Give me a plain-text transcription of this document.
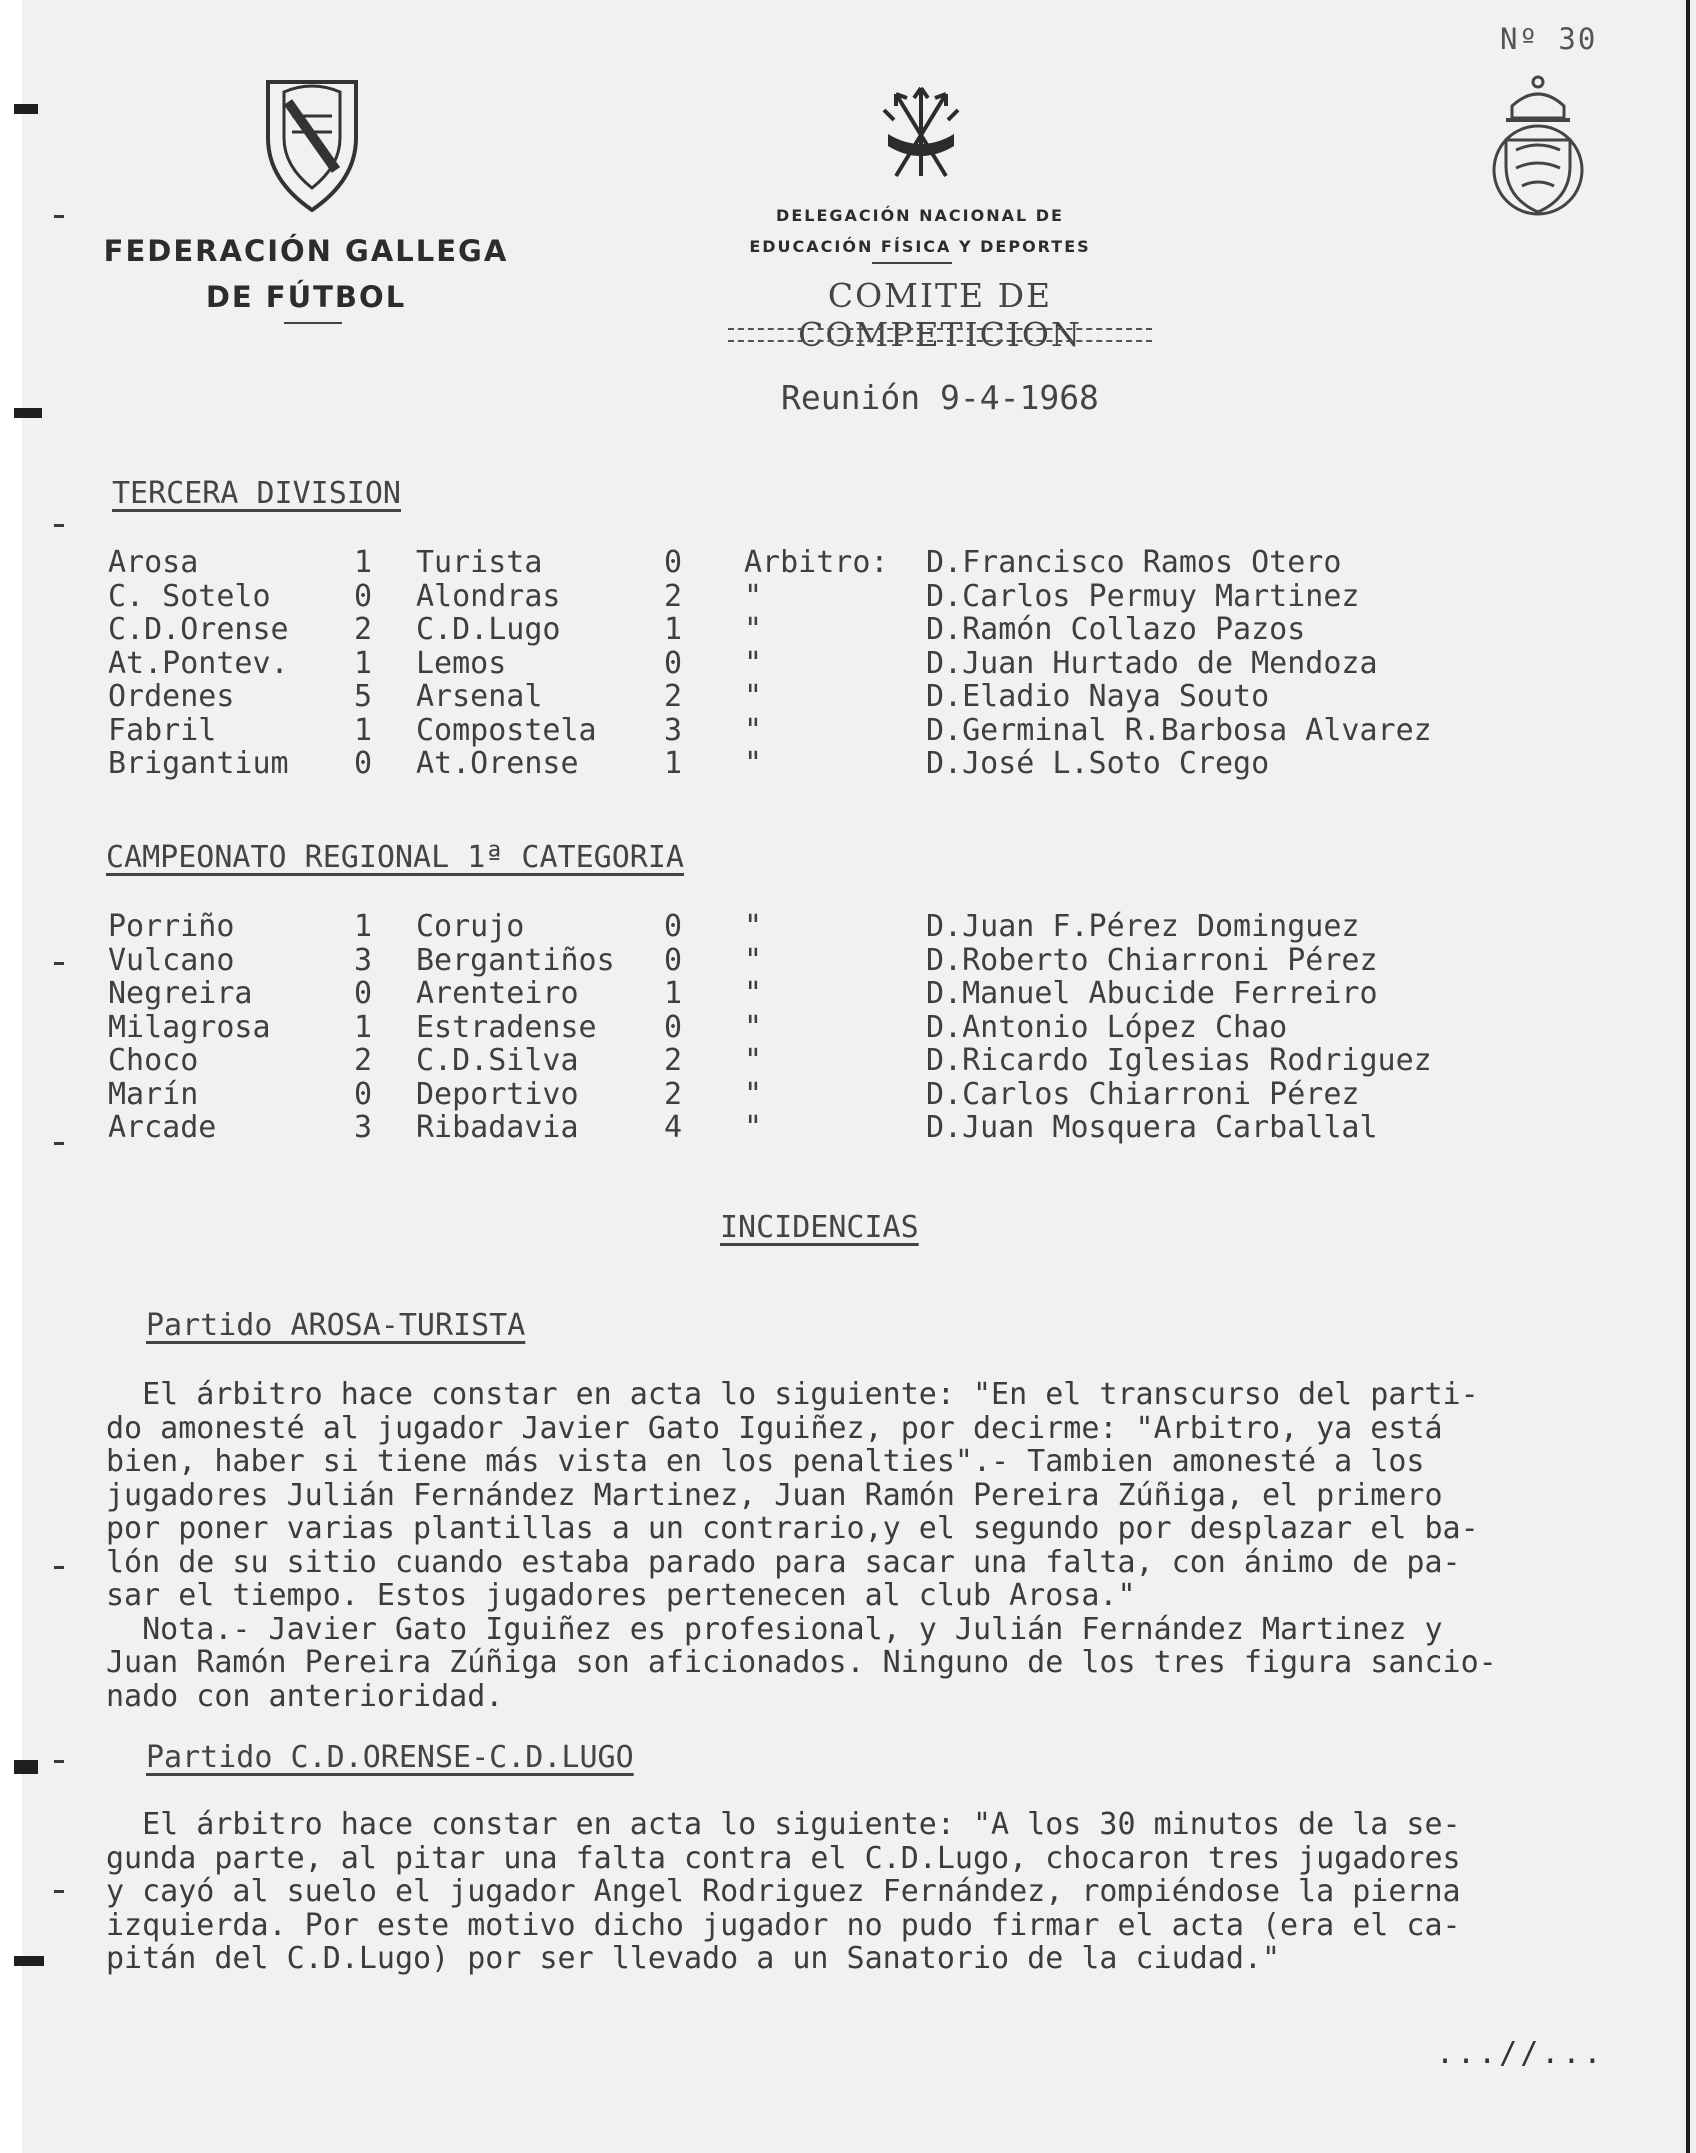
Nº 30
FEDERACIÓN GALLEGA
DE FÚTBOL
DELEGACIÓN NACIONAL DE
EDUCACIÓN FÍSICA Y DEPORTES
COMITE DE COMPETICION
Reunión 9-4-1968
TERCERA DIVISION
Arosa	1 Turista	0 Arbitro: D.Francisco Ramos Otero
C. Sotelo	0 Alondras	2 "	D.Carlos Permuy Martinez
C.D.Orense 2 C.D.Lugo	1 "	D.Ramón Collazo Pazos
At.Pontev. 1 Lemos	0 "	D.Juan Hurtado de Mendoza
Ordenes	5 Arsenal	2 "	D.Eladio Naya Souto
Fabril	1 Compostela 3 "	D.Germinal R.Barbosa Alvarez
Brigantium 0 At.Orense	1 "	D.José L.Soto Crego
CAMPEONATO REGIONAL 1ª CATEGORIA
Porriño	1 Corujo	0 "	D.Juan F.Pérez Dominguez
Vulcano	3 Bergantiños 0 "	D.Roberto Chiarroni Pérez
Negreira	0 Arenteiro	1 "	D.Manuel Abucide Ferreiro
Milagrosa	1 Estradense 0 "	D.Antonio López Chao
Choco	2 C.D.Silva	2 "	D.Ricardo Iglesias Rodriguez
Marín	0 Deportivo	2 "	D.Carlos Chiarroni Pérez
Arcade	3 Ribadavia	4 "	D.Juan Mosquera Carballal
INCIDENCIAS
Partido AROSA-TURISTA

El árbitro hace constar en acta lo siguiente: "En el transcurso del parti-
do amonesté al jugador Javier Gato Iguiñez, por decirme: "Arbitro, ya está
bien, haber si tiene más vista en los penalties".- Tambien amonesté a los
jugadores Julián Fernández Martinez, Juan Ramón Pereira Zúñiga, el primero
por poner varias plantillas a un contrario,y el segundo por desplazar el ba-
lón de su sitio cuando estaba parado para sacar una falta, con ánimo de pa-
sar el tiempo. Estos jugadores pertenecen al club Arosa."
Nota.- Javier Gato Iguiñez es profesional, y Julián Fernández Martinez y
Juan Ramón Pereira Zúñiga son aficionados. Ninguno de los tres figura sancio-
nado con anterioridad.

Partido C.D.ORENSE-C.D.LUGO

El árbitro hace constar en acta lo siguiente: "A los 30 minutos de la se-
gunda parte, al pitar una falta contra el C.D.Lugo, chocaron tres jugadores
y cayó al suelo el jugador Angel Rodriguez Fernández, rompiéndose la pierna
izquierda. Por este motivo dicho jugador no pudo firmar el acta (era el ca-
pitán del C.D.Lugo) por ser llevado a un Sanatorio de la ciudad."

...//...
